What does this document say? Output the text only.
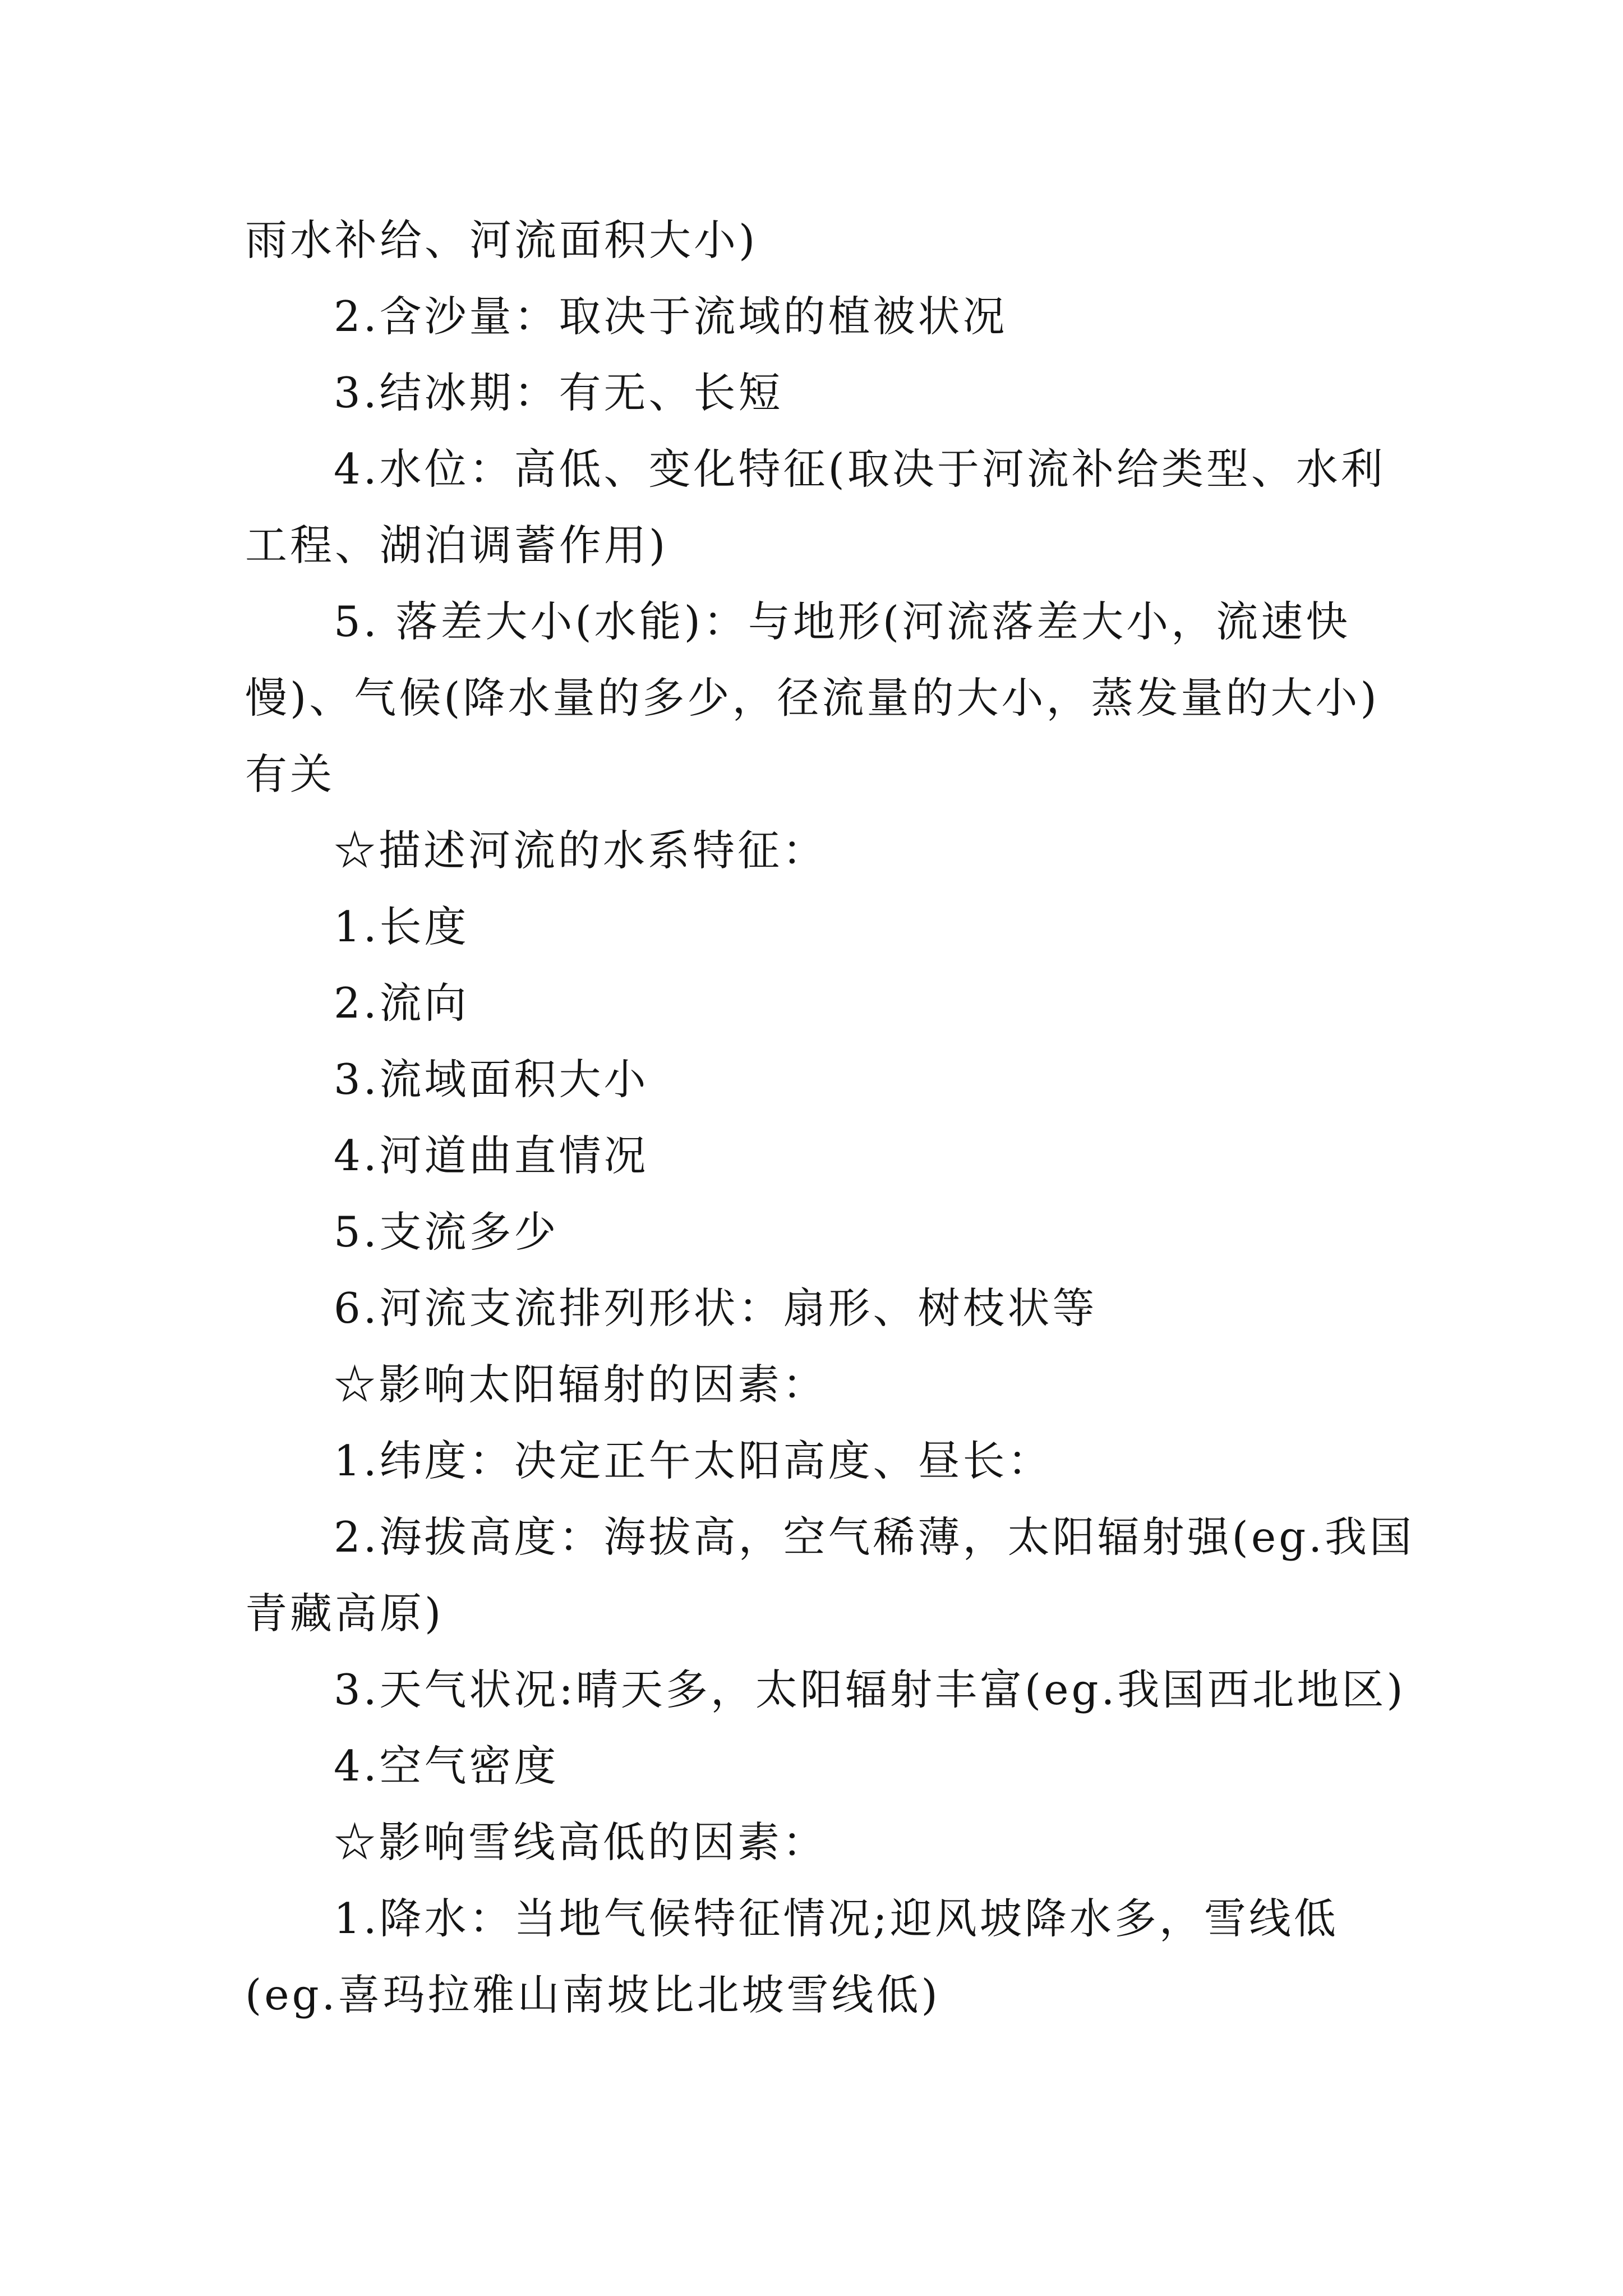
雨水补给、河流面积大小)

2.含沙量：取决于流域的植被状况

3.结冰期：有无、长短

4.水位：高低、变化特征(取决于河流补给类型、水利

工程、湖泊调蓄作用)

5. 落差大小(水能)：与地形(河流落差大小，流速快

慢)、气候(降水量的多少，径流量的大小，蒸发量的大小)

有关

☆描述河流的水系特征：

1.长度

2.流向

3.流域面积大小

4.河道曲直情况

5.支流多少

6.河流支流排列形状：扇形、树枝状等

☆影响太阳辐射的因素：

1.纬度：决定正午太阳高度、昼长：

2.海拔高度：海拔高，空气稀薄，太阳辐射强(eg.我国

青藏高原)

3.天气状况:晴天多，太阳辐射丰富(eg.我国西北地区)

4.空气密度

☆影响雪线高低的因素：

1.降水：当地气候特征情况;迎风坡降水多，雪线低

(eg.喜玛拉雅山南坡比北坡雪线低)
